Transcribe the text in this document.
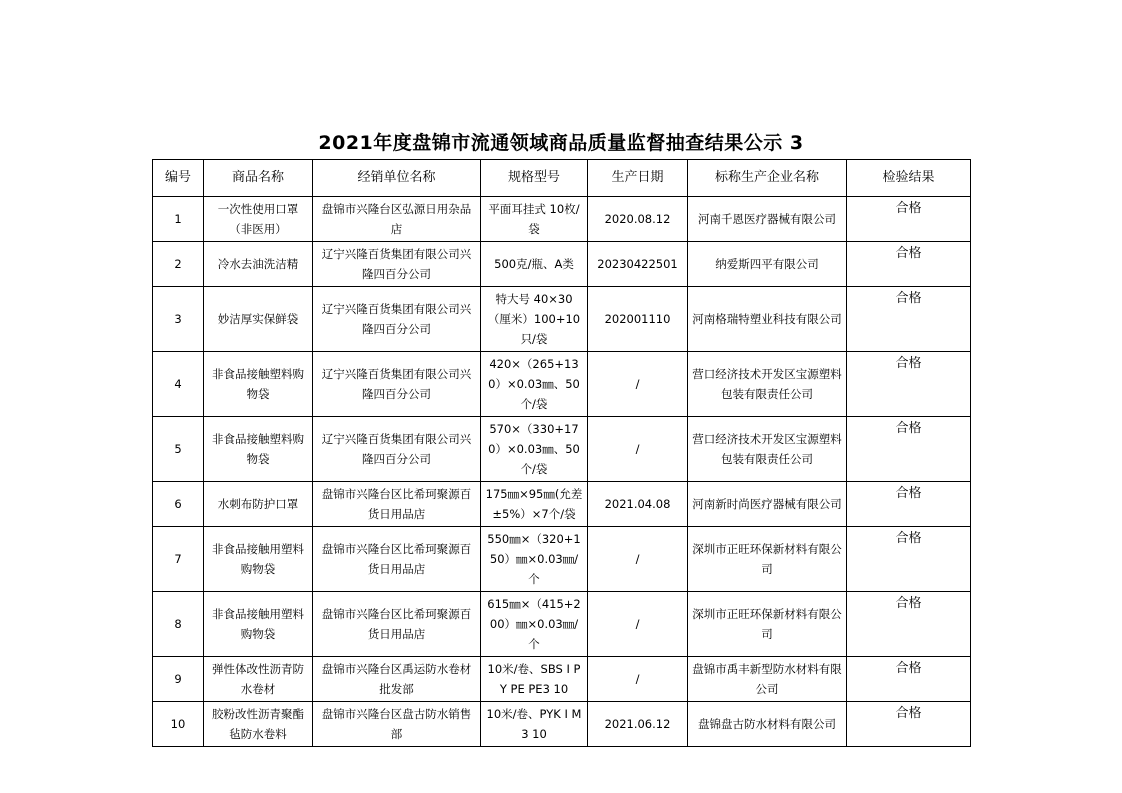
2021年度盘锦市流通领域商品质量监督抽查结果公示 3
编号	商品名称	经销单位名称	规格型号	生产日期	标称生产企业名称	检验结果
1	一次性使用口罩（非医用）	盘锦市兴隆台区弘源日用杂品店	平面耳挂式 10枚/袋	2020.08.12	河南千恩医疗器械有限公司	合格
2	冷水去油洗洁精	辽宁兴隆百货集团有限公司兴隆四百分公司	500克/瓶、A类	20230422501	纳爱斯四平有限公司	合格
3	妙洁厚实保鲜袋	辽宁兴隆百货集团有限公司兴隆四百分公司	特大号 40×30（厘米）100+10只/袋	202001110	河南格瑞特塑业科技有限公司	合格
4	非食品接触塑料购物袋	辽宁兴隆百货集团有限公司兴隆四百分公司	420×（265+130）×0.03㎜、50个/袋	/	营口经济技术开发区宝源塑料包装有限责任公司	合格
5	非食品接触塑料购物袋	辽宁兴隆百货集团有限公司兴隆四百分公司	570×（330+170）×0.03㎜、50个/袋	/	营口经济技术开发区宝源塑料包装有限责任公司	合格
6	水刺布防护口罩	盘锦市兴隆台区比希珂聚源百货日用品店	175㎜×95㎜(允差±5%）×7个/袋	2021.04.08	河南新时尚医疗器械有限公司	合格
7	非食品接触用塑料购物袋	盘锦市兴隆台区比希珂聚源百货日用品店	550㎜×（320+150）㎜×0.03㎜/个	/	深圳市正旺环保新材料有限公司	合格
8	非食品接触用塑料购物袋	盘锦市兴隆台区比希珂聚源百货日用品店	615㎜×（415+200）㎜×0.03㎜/个	/	深圳市正旺环保新材料有限公司	合格
9	弹性体改性沥青防水卷材	盘锦市兴隆台区禹运防水卷材批发部	10米/卷、SBS I PY PE PE3 10	/	盘锦市禹丰新型防水材料有限公司	合格
10	胶粉改性沥青聚酯毡防水卷料	盘锦市兴隆台区盘古防水销售部	10米/卷、PYK I M 3 10	2021.06.12	盘锦盘古防水材料有限公司	合格
